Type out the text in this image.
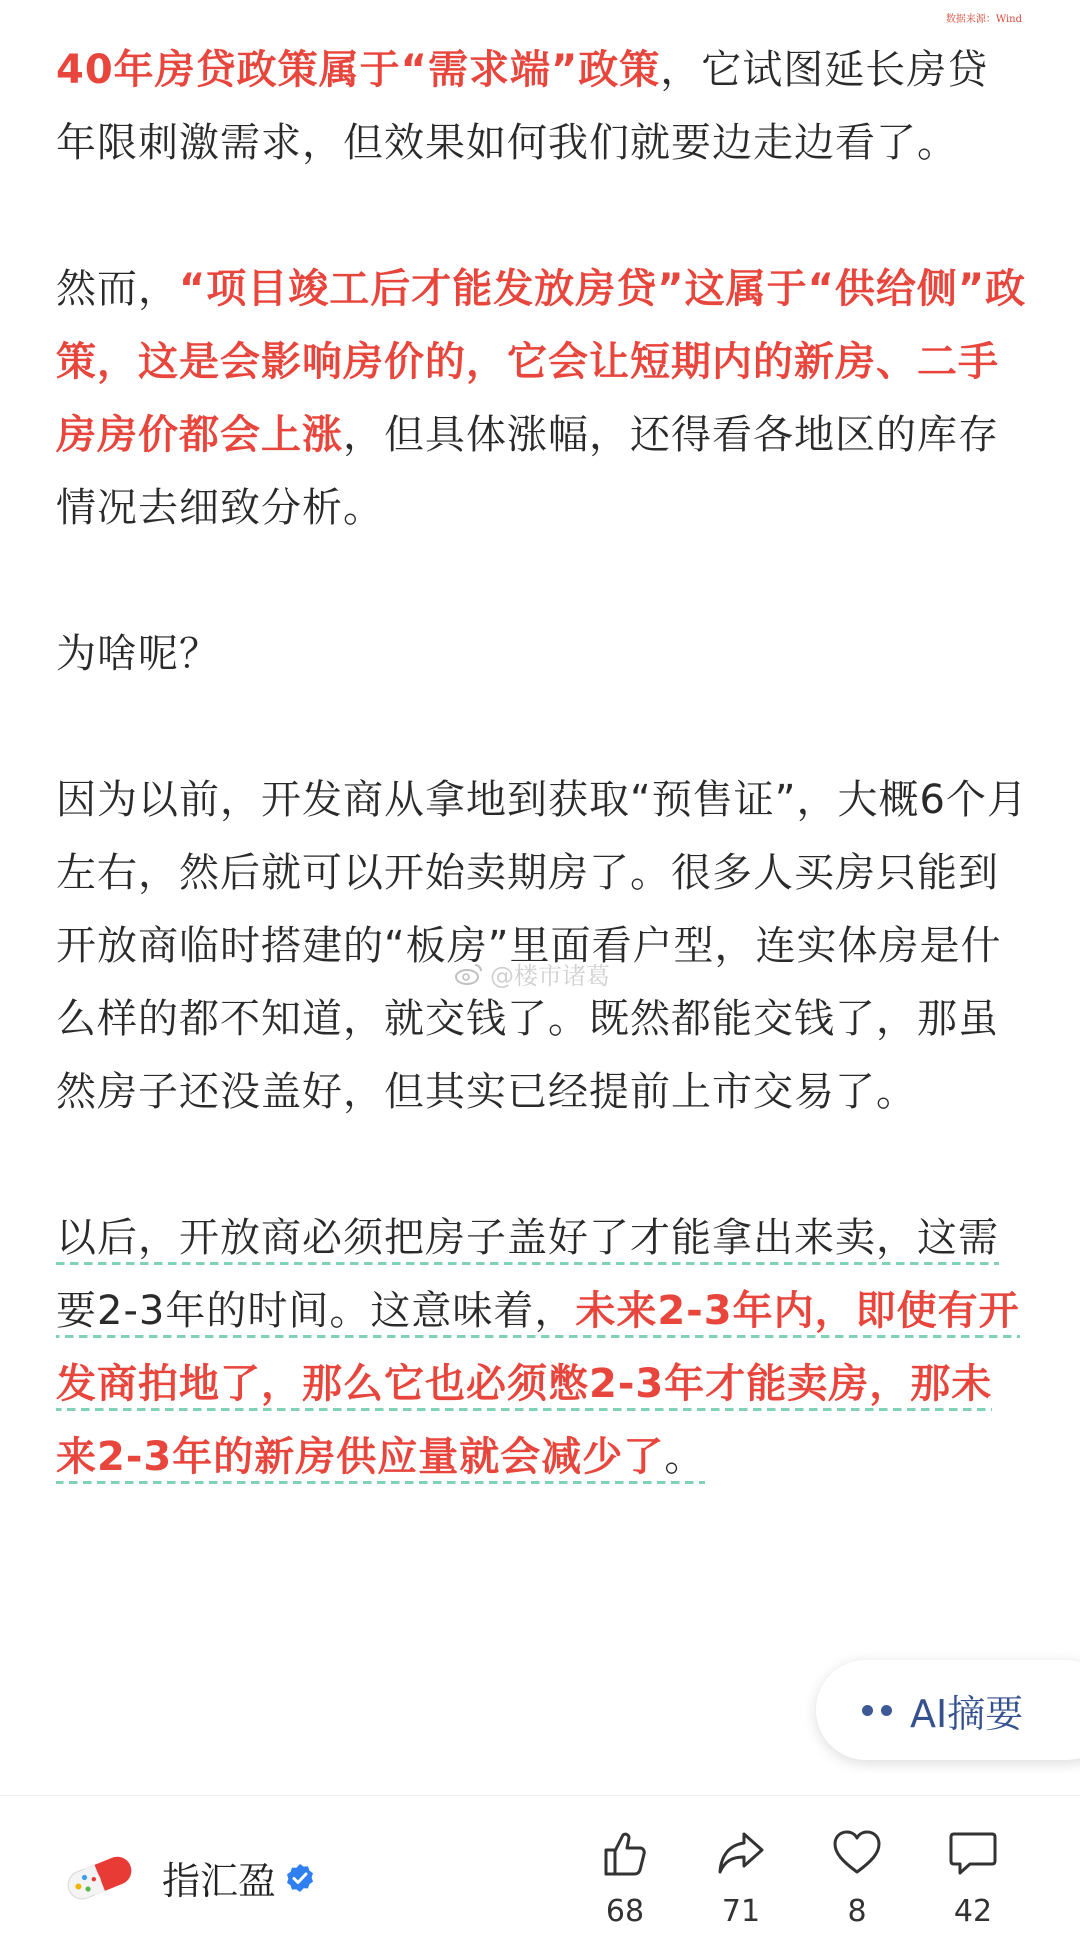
数据来源：Wind

40年房贷政策属于“需求端”政策，它试图延长房贷年限刺激需求，但效果如何我们就要边走边看了。

然而，“项目竣工后才能发放房贷”这属于“供给侧”政策，这是会影响房价的，它会让短期内的新房、二手房房价都会上涨，但具体涨幅，还得看各地区的库存情况去细致分析。

为啥呢？

因为以前，开发商从拿地到获取“预售证”，大概6个月左右，然后就可以开始卖期房了。很多人买房只能到开放商临时搭建的“板房”里面看户型，连实体房是什么样的都不知道，就交钱了。既然都能交钱了，那虽然房子还没盖好，但其实已经提前上市交易了。

以后，开放商必须把房子盖好了才能拿出来卖，这需要2-3年的时间。这意味着，未来2-3年内，即使有开发商拍地了，那么它也必须憋2-3年才能卖房，那未来2-3年的新房供应量就会减少了。

@楼市诸葛
AI摘要
指汇盈
68	71	8	42
